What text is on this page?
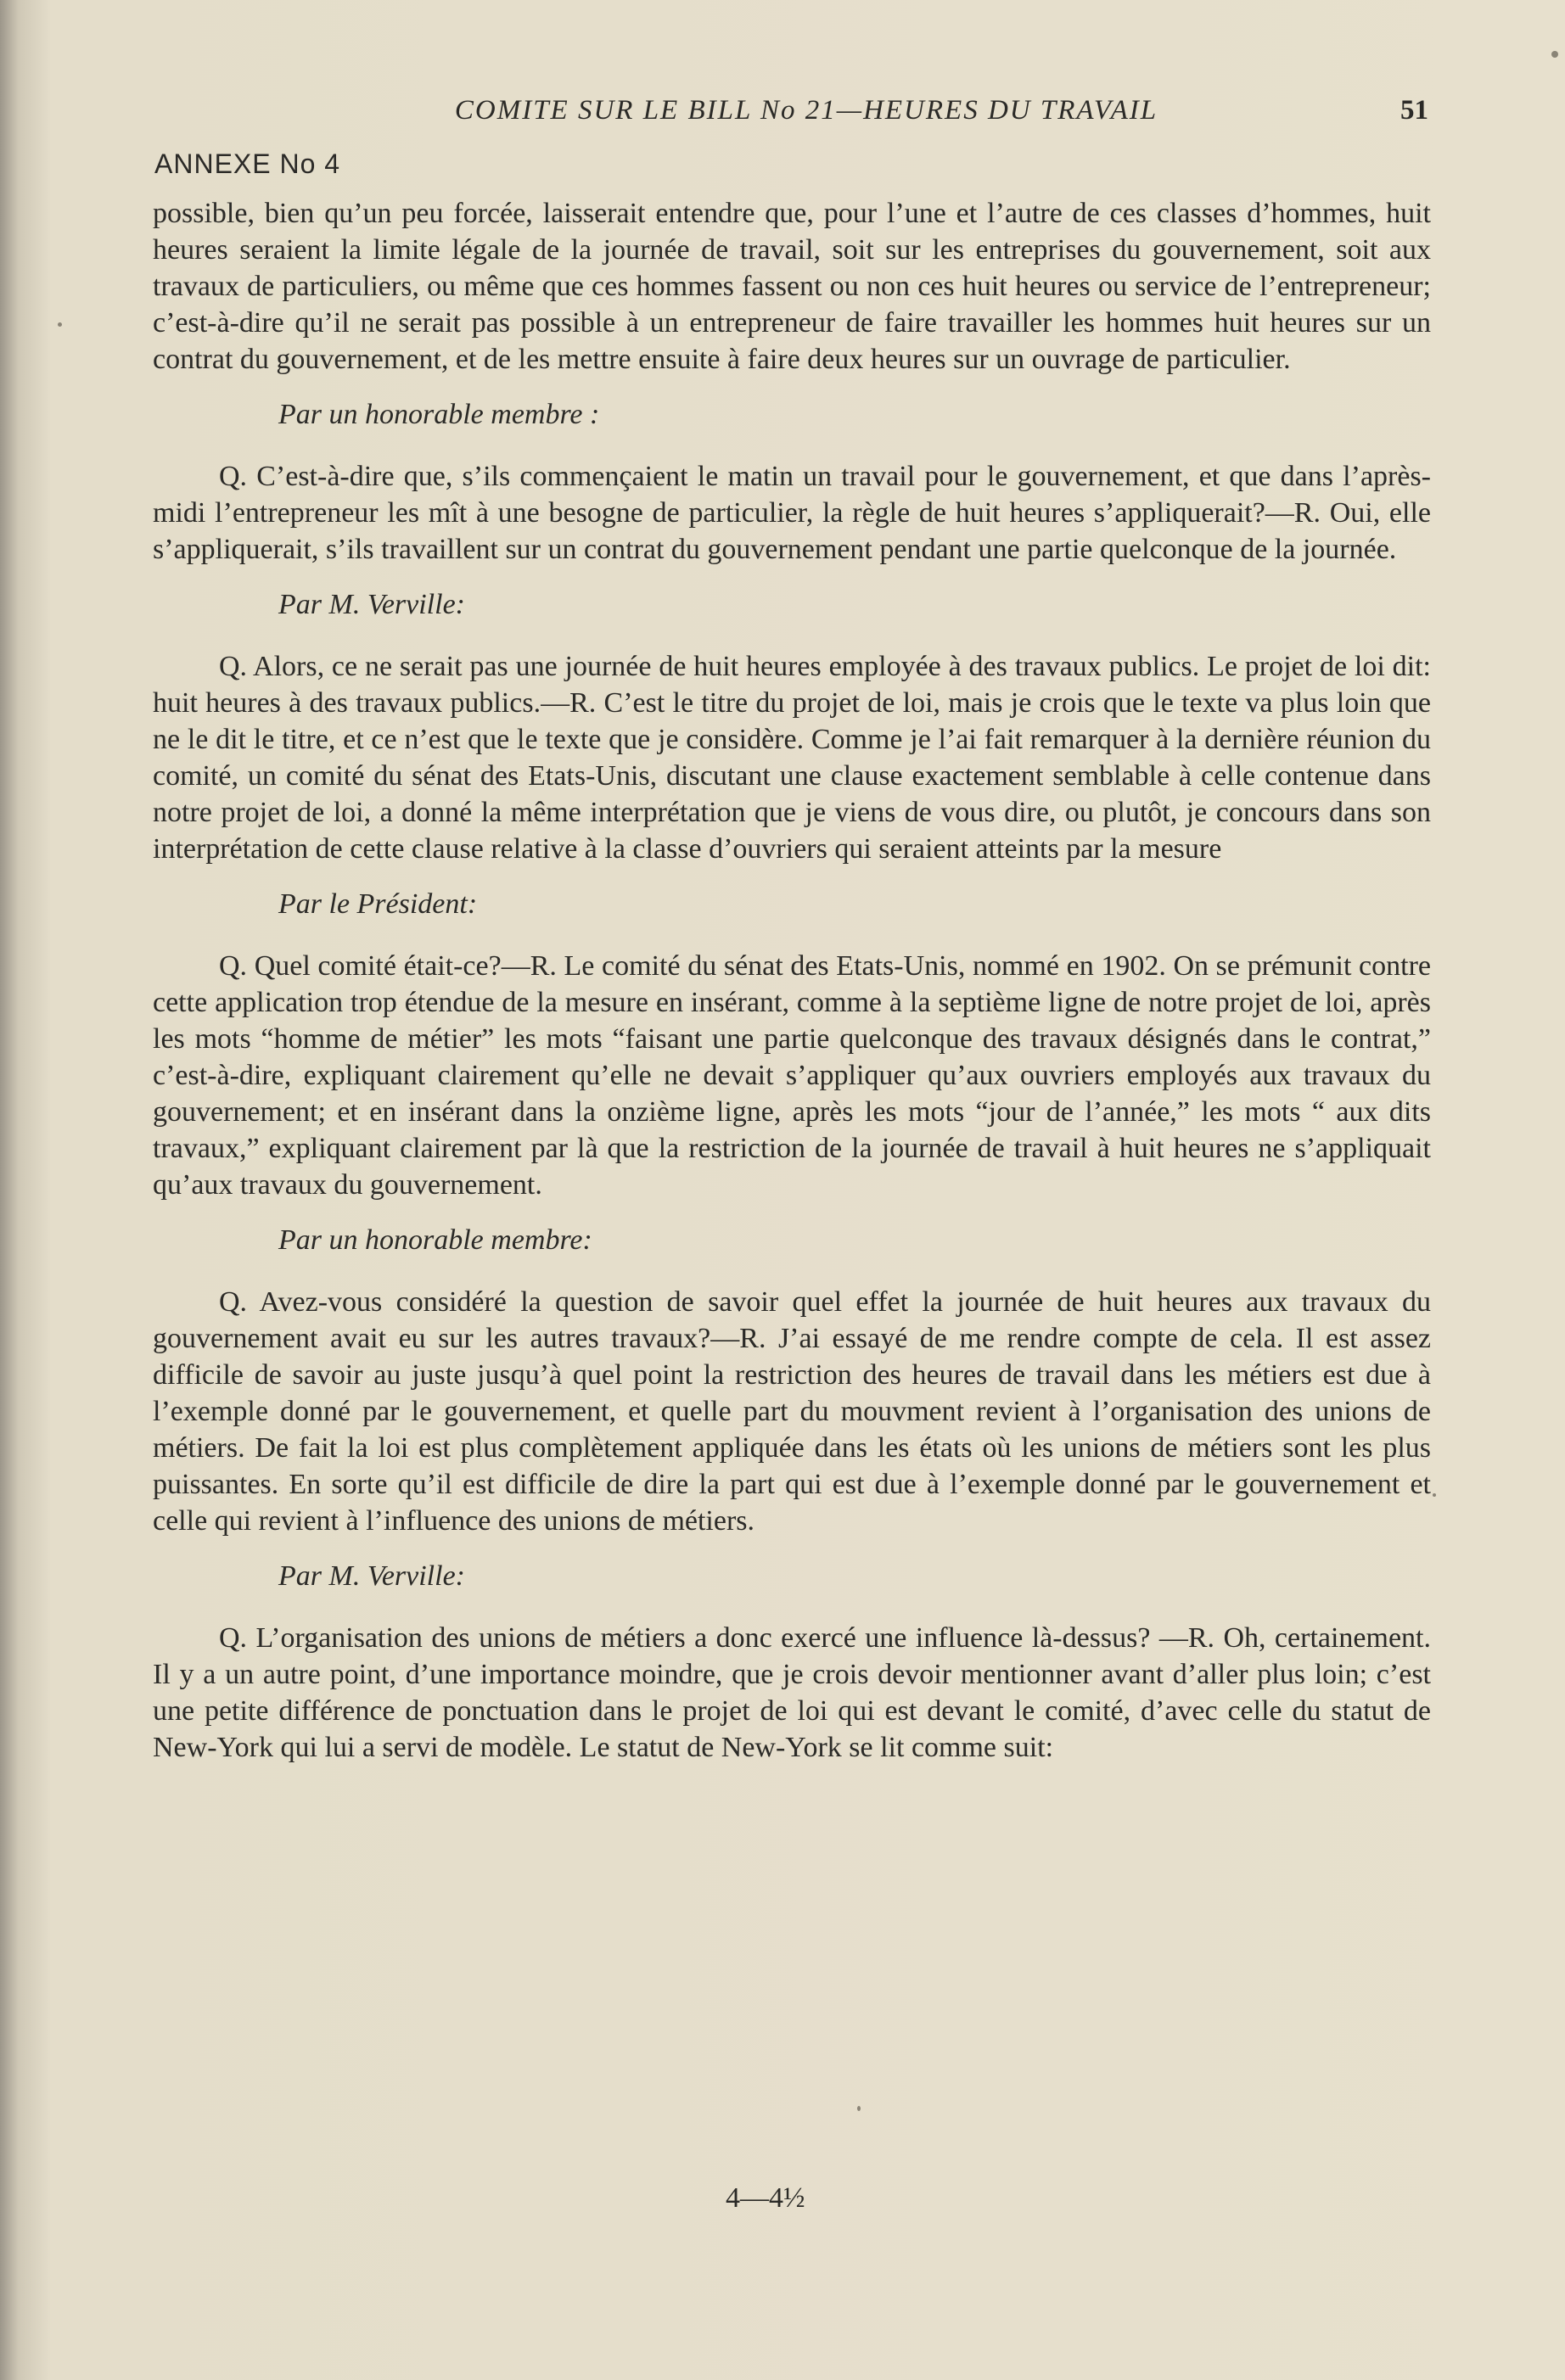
COMITE SUR LE BILL No 21—HEURES DU TRAVAIL	51
ANNEXE No 4

possible, bien qu’un peu forcée, laisserait entendre que, pour l’une et l’autre de ces classes d’hommes, huit heures seraient la limite légale de la journée de travail, soit sur les entreprises du gouvernement, soit aux travaux de particuliers, ou même que ces hommes fassent ou non ces huit heures ou service de l’entrepreneur; c’est-à-dire qu’il ne serait pas possible à un entrepreneur de faire travailler les hommes huit heures sur un contrat du gouvernement, et de les mettre ensuite à faire deux heures sur un ouvrage de particulier.

Par un honorable membre :

Q. C’est-à-dire que, s’ils commençaient le matin un travail pour le gouvernement, et que dans l’après-midi l’entrepreneur les mît à une besogne de particulier, la règle de huit heures s’appliquerait?—R. Oui, elle s’appliquerait, s’ils travaillent sur un contrat du gouvernement pendant une partie quelconque de la journée.

Par M. Verville:

Q. Alors, ce ne serait pas une journée de huit heures employée à des travaux publics. Le projet de loi dit: huit heures à des travaux publics.—R. C’est le titre du projet de loi, mais je crois que le texte va plus loin que ne le dit le titre, et ce n’est que le texte que je considère. Comme je l’ai fait remarquer à la dernière réunion du comité, un comité du sénat des Etats-Unis, discutant une clause exactement semblable à celle contenue dans notre projet de loi, a donné la même interprétation que je viens de vous dire, ou plutôt, je concours dans son interprétation de cette clause relative à la classe d’ouvriers qui seraient atteints par la mesure

Par le Président:

Q. Quel comité était-ce?—R. Le comité du sénat des Etats-Unis, nommé en 1902. On se prémunit contre cette application trop étendue de la mesure en insérant, comme à la septième ligne de notre projet de loi, après les mots “homme de métier” les mots “faisant une partie quelconque des travaux désignés dans le contrat,” c’est-à-dire, expliquant clairement qu’elle ne devait s’appliquer qu’aux ouvriers employés aux travaux du gouvernement; et en insérant dans la onzième ligne, après les mots “jour de l’année,” les mots “ aux dits travaux,” expliquant clairement par là que la restriction de la journée de travail à huit heures ne s’appliquait qu’aux travaux du gouvernement.

Par un honorable membre:

Q. Avez-vous considéré la question de savoir quel effet la journée de huit heures aux travaux du gouvernement avait eu sur les autres travaux?—R. J’ai essayé de me rendre compte de cela. Il est assez difficile de savoir au juste jusqu’à quel point la restriction des heures de travail dans les métiers est due à l’exemple donné par le gouvernement, et quelle part du mouvment revient à l’organisation des unions de métiers. De fait la loi est plus complètement appliquée dans les états où les unions de métiers sont les plus puissantes. En sorte qu’il est difficile de dire la part qui est due à l’exemple donné par le gouvernement et celle qui revient à l’influence des unions de métiers.

Par M. Verville:

Q. L’organisation des unions de métiers a donc exercé une influence là-dessus? —R. Oh, certainement. Il y a un autre point, d’une importance moindre, que je crois devoir mentionner avant d’aller plus loin; c’est une petite différence de ponctuation dans le projet de loi qui est devant le comité, d’avec celle du statut de New-York qui lui a servi de modèle. Le statut de New-York se lit comme suit:

4—4½
